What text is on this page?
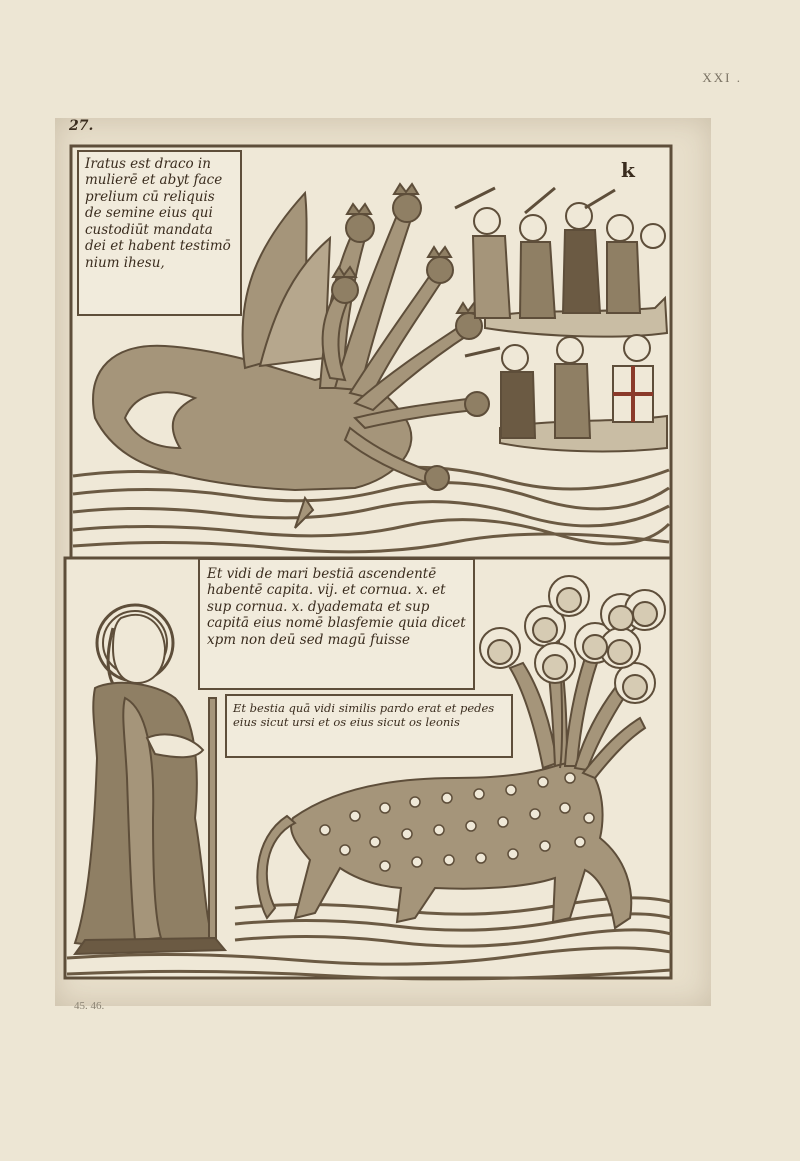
XXI .
27.
k
Iratus est draco in mulierē et abyt face prelium cū reliquis de semine eius qui custodiūt mandata dei et habent testimō nium ihesu,
Et vidi de mari bestiā ascendentē habentē capita. vij. et cornua. x. et sup cornua. x. dyademata et sup capitā eius nomē blasfemie quia dicet xpm non deū sed magū fuisse
Et bestia quā vidi similis pardo erat et pedes eius sicut ursi et os eius sicut os leonis
45. 46.
